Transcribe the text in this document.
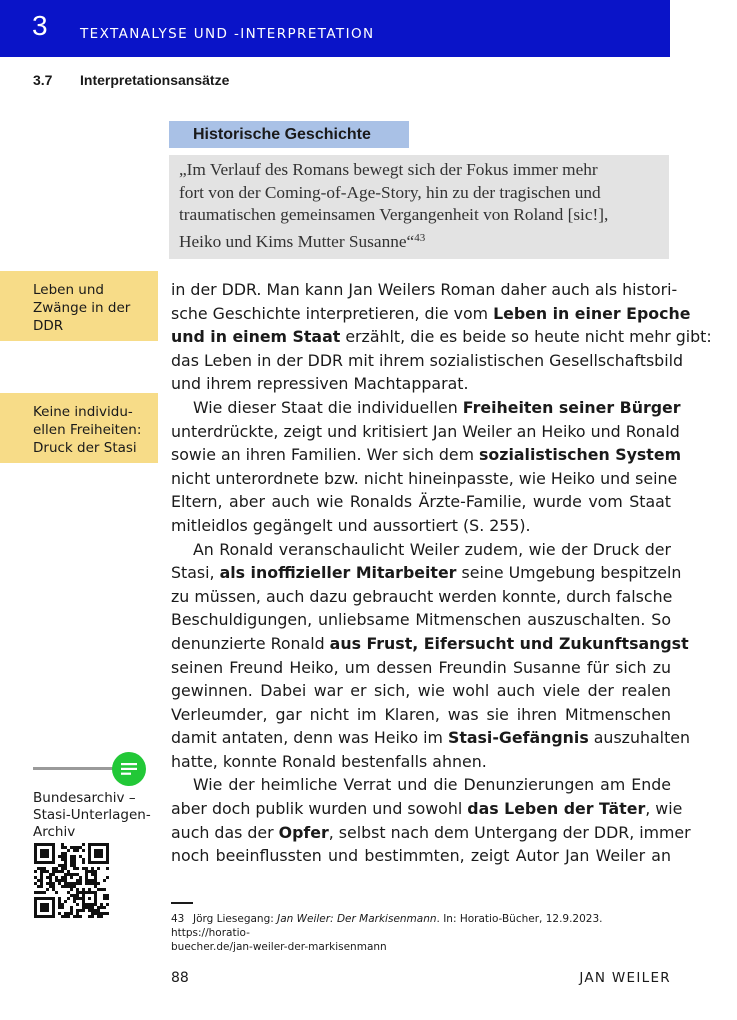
3 TEXTANALYSE UND -INTERPRETATION
3.7 Interpretationsansätze
Historische Geschichte
„Im Verlauf des Romans bewegt sich der Fokus immer mehr
fort von der Coming-of-Age-Story, hin zu der tragischen und
traumatischen gemeinsamen Vergangenheit von Roland [sic!],
Heiko und Kims Mutter Susanne“$^{43}$
Leben und
Zwänge in der
DDR
Keine individu-
ellen Freiheiten:
Druck der Stasi
in der DDR. Man kann Jan Weilers Roman daher auch als histori-
sche Geschichte interpretieren, die vom Leben in einer Epoche
und in einem Staat erzählt, die es beide so heute nicht mehr gibt:
das Leben in der DDR mit ihrem sozialistischen Gesellschaftsbild
und ihrem repressiven Machtapparat.
Wie dieser Staat die individuellen Freiheiten seiner Bürger
unterdrückte, zeigt und kritisiert Jan Weiler an Heiko und Ronald
sowie an ihren Familien. Wer sich dem sozialistischen System
nicht unterordnete bzw. nicht hineinpasste, wie Heiko und seine
Eltern, aber auch wie Ronalds Ärzte-Familie, wurde vom Staat
mitleidlos gegängelt und aussortiert (S. 255).
An Ronald veranschaulicht Weiler zudem, wie der Druck der
Stasi, als inoffizieller Mitarbeiter seine Umgebung bespitzeln
zu müssen, auch dazu gebraucht werden konnte, durch falsche
Beschuldigungen, unliebsame Mitmenschen auszuschalten. So
denunzierte Ronald aus Frust, Eifersucht und Zukunftsangst
seinen Freund Heiko, um dessen Freundin Susanne für sich zu
gewinnen. Dabei war er sich, wie wohl auch viele der realen
Verleumder, gar nicht im Klaren, was sie ihren Mitmenschen
damit antaten, denn was Heiko im Stasi-Gefängnis auszuhalten
hatte, konnte Ronald bestenfalls ahnen.
Wie der heimliche Verrat und die Denunzierungen am Ende
aber doch publik wurden und sowohl das Leben der Täter, wie
auch das der Opfer, selbst nach dem Untergang der DDR, immer
noch beeinflussten und bestimmten, zeigt Autor Jan Weiler an
Bundesarchiv –
Stasi-Unterlagen-
Archiv
43 Jörg Liesegang: Jan Weiler: Der Markisenmann. In: Horatio-Bücher, 12.9.2023. https://horatio-
buecher.de/jan-weiler-der-markisenmann
88	JAN WEILER
